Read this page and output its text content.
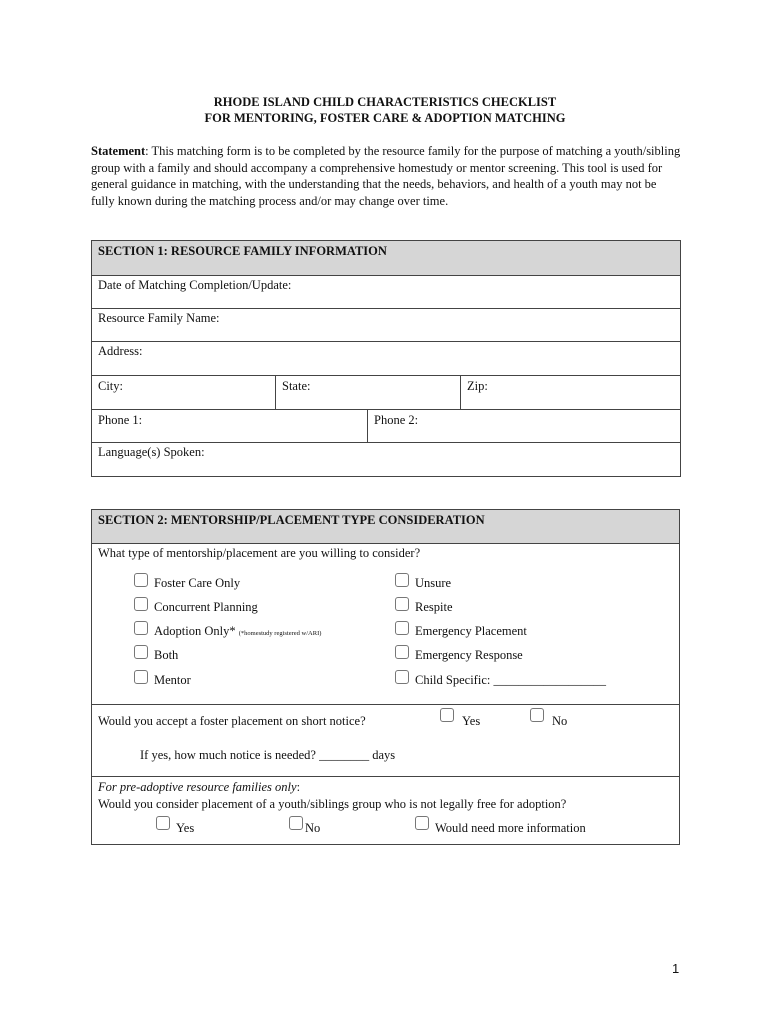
RHODE ISLAND CHILD CHARACTERISTICS CHECKLIST
FOR MENTORING, FOSTER CARE & ADOPTION MATCHING
Statement: This matching form is to be completed by the resource family for the purpose of matching a youth/sibling group with a family and should accompany a comprehensive homestudy or mentor screening. This tool is used for general guidance in matching, with the understanding that the needs, behaviors, and health of a youth may not be fully known during the matching process and/or may change over time.
SECTION 1: RESOURCE FAMILY INFORMATION			
Date of Matching Completion/Update:			
Resource Family Name:			
Address:			
City:	State:		Zip:
Phone 1:		Phone 2:	
Language(s) Spoken:			
SECTION 2: MENTORSHIP/PLACEMENT TYPE CONSIDERATION
What type of mentorship/placement are you willing to consider?

Foster Care Only
Concurrent Planning
Adoption Only* (*homestudy registered w/ARI)
Both
Mentor
Unsure
Respite
Emergency Placement
Emergency Response
Child Specific: __________________
Would you accept a foster placement on short notice?	Yes	No
If yes, how much notice is needed? ________ days
For pre-adoptive resource families only:
Would you consider placement of a youth/siblings group who is not legally free for adoption?
Yes	No	Would need more information
1
